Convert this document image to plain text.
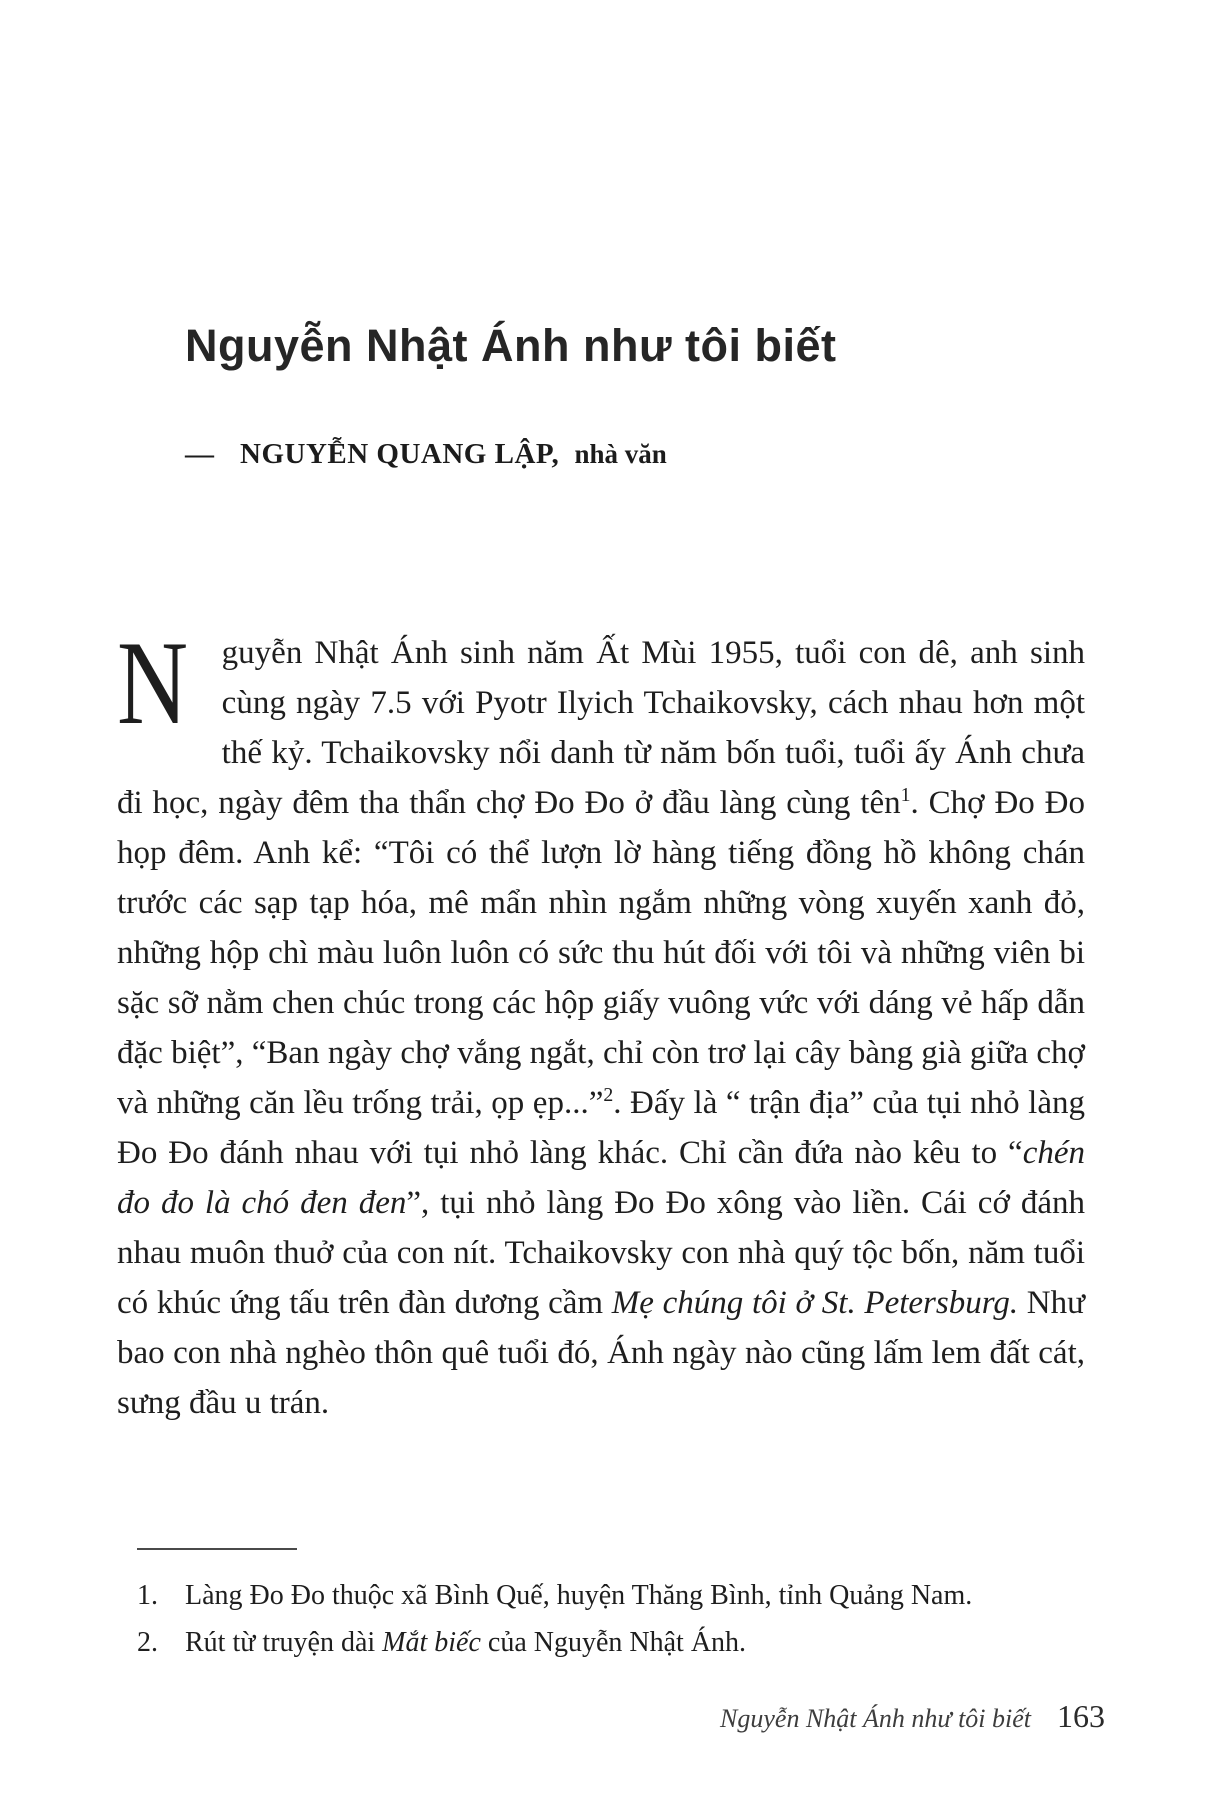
Nguyễn Nhật Ánh như tôi biết
— NGUYỄN QUANG LẬP, nhà văn
N	guyễn Nhật Ánh sinh năm Ất Mùi 1955, tuổi con dê, anh sinh cùng ngày 7.5 với Pyotr Ilyich Tchaikovsky, cách nhau hơn một thế kỷ. Tchaikovsky nổi danh từ năm bốn tuổi, tuổi ấy Ánh chưa đi học, ngày đêm tha thẩn chợ Đo Đo ở đầu làng cùng tên$^1$. Chợ Đo Đo họp đêm. Anh kể: “Tôi có thể lượn lờ hàng tiếng đồng hồ không chán trước các sạp tạp hóa, mê mẩn nhìn ngắm những vòng xuyến xanh đỏ, những hộp chì màu luôn luôn có sức thu hút đối với tôi và những viên bi sặc sỡ nằm chen chúc trong các hộp giấy vuông vức với dáng vẻ hấp dẫn đặc biệt”, “Ban ngày chợ vắng ngắt, chỉ còn trơ lại cây bàng già giữa chợ và những căn lều trống trải, ọp ẹp...”$^2$. Đấy là “ trận địa” của tụi nhỏ làng Đo Đo đánh nhau với tụi nhỏ làng khác. Chỉ cần đứa nào kêu to “chén đo đo là chó đen đen”, tụi nhỏ làng Đo Đo xông vào liền. Cái cớ đánh nhau muôn thuở của con nít. Tchaikovsky con nhà quý tộc bốn, năm tuổi có khúc ứng tấu trên đàn dương cầm Mẹ chúng tôi ở St. Petersburg. Như bao con nhà nghèo thôn quê tuổi đó, Ánh ngày nào cũng lấm lem đất cát, sưng đầu u trán.
1. Làng Đo Đo thuộc xã Bình Quế, huyện Thăng Bình, tỉnh Quảng Nam.
2. Rút từ truyện dài Mắt biếc của Nguyễn Nhật Ánh.
Nguyễn Nhật Ánh như tôi biết 163
